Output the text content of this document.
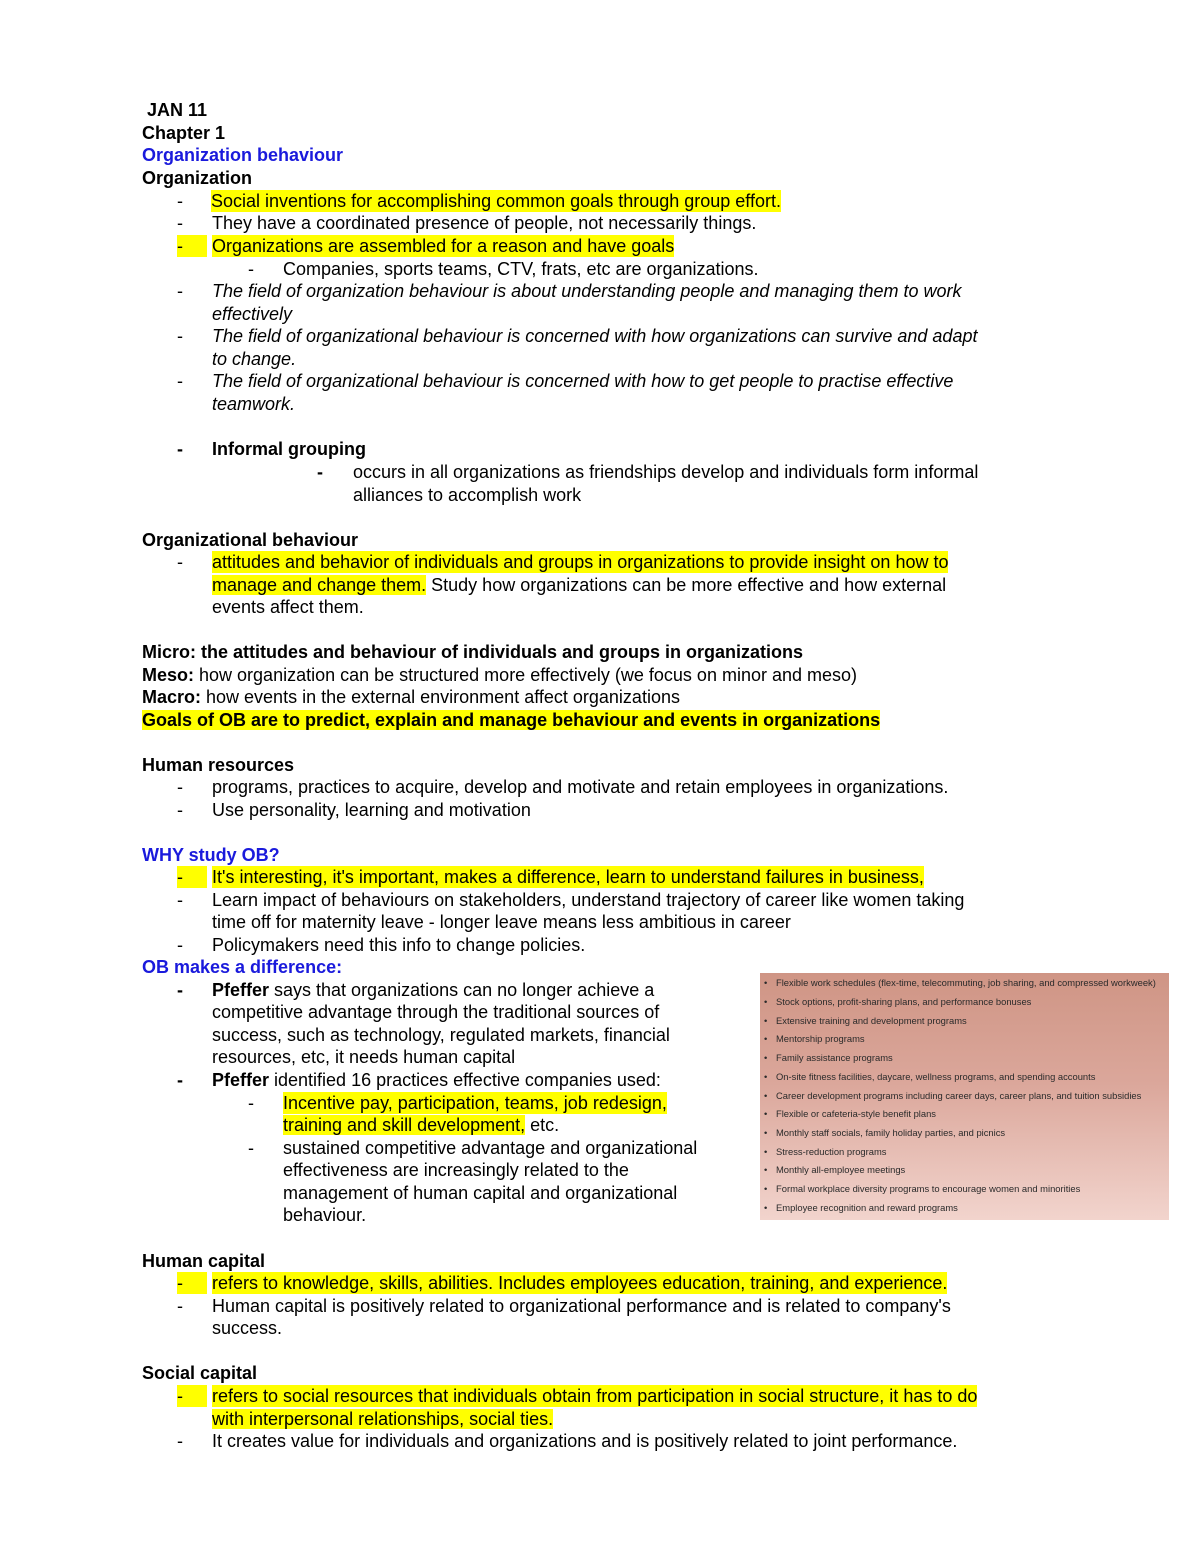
JAN 11
Chapter 1
Organization behaviour
Organization
- Social inventions for accomplishing common goals through group effort.
- They have a coordinated presence of people, not necessarily things.
-	Organizations are assembled for a reason and have goals
- Companies, sports teams, CTV, frats, etc are organizations.
- The field of organization behaviour is about understanding people and managing them to work
effectively
- The field of organizational behaviour is concerned with how organizations can survive and adapt
to change.
- The field of organizational behaviour is concerned with how to get people to practise effective
teamwork.
- Informal grouping
- occurs in all organizations as friendships develop and individuals form informal
alliances to accomplish work
Organizational behaviour
- attitudes and behavior of individuals and groups in organizations to provide insight on how to
manage and change them. Study how organizations can be more effective and how external
events affect them.
Micro: the attitudes and behaviour of individuals and groups in organizations
Meso: how organization can be structured more effectively (we focus on minor and meso)
Macro: how events in the external environment affect organizations
Goals of OB are to predict, explain and manage behaviour and events in organizations
Human resources
- programs, practices to acquire, develop and motivate and retain employees in organizations.
- Use personality, learning and motivation
WHY study OB?
-	It's interesting, it's important, makes a difference, learn to understand failures in business,
- Learn impact of behaviours on stakeholders, understand trajectory of career like women taking
time off for maternity leave - longer leave means less ambitious in career
- Policymakers need this info to change policies.
OB makes a difference:
- Pfeffer says that organizations can no longer achieve a
competitive advantage through the traditional sources of
success, such as technology, regulated markets, financial
resources, etc, it needs human capital
- Pfeffer identified 16 practices effective companies used:
- Incentive pay, participation, teams, job redesign,
training and skill development, etc.
- sustained competitive advantage and organizational
effectiveness are increasingly related to the
management of human capital and organizational
behaviour.
• Flexible work schedules (flex-time, telecommuting, job sharing, and compressed workweek)
• Stock options, profit-sharing plans, and performance bonuses
• Extensive training and development programs
• Mentorship programs
• Family assistance programs
• On-site fitness facilities, daycare, wellness programs, and spending accounts
• Career development programs including career days, career plans, and tuition subsidies
• Flexible or cafeteria-style benefit plans
• Monthly staff socials, family holiday parties, and picnics
• Stress-reduction programs
• Monthly all-employee meetings
• Formal workplace diversity programs to encourage women and minorities
• Employee recognition and reward programs
Human capital
-	refers to knowledge, skills, abilities. Includes employees education, training, and experience.
- Human capital is positively related to organizational performance and is related to company's
success.
Social capital
-	refers to social resources that individuals obtain from participation in social structure, it has to do
with interpersonal relationships, social ties.
- It creates value for individuals and organizations and is positively related to joint performance.
